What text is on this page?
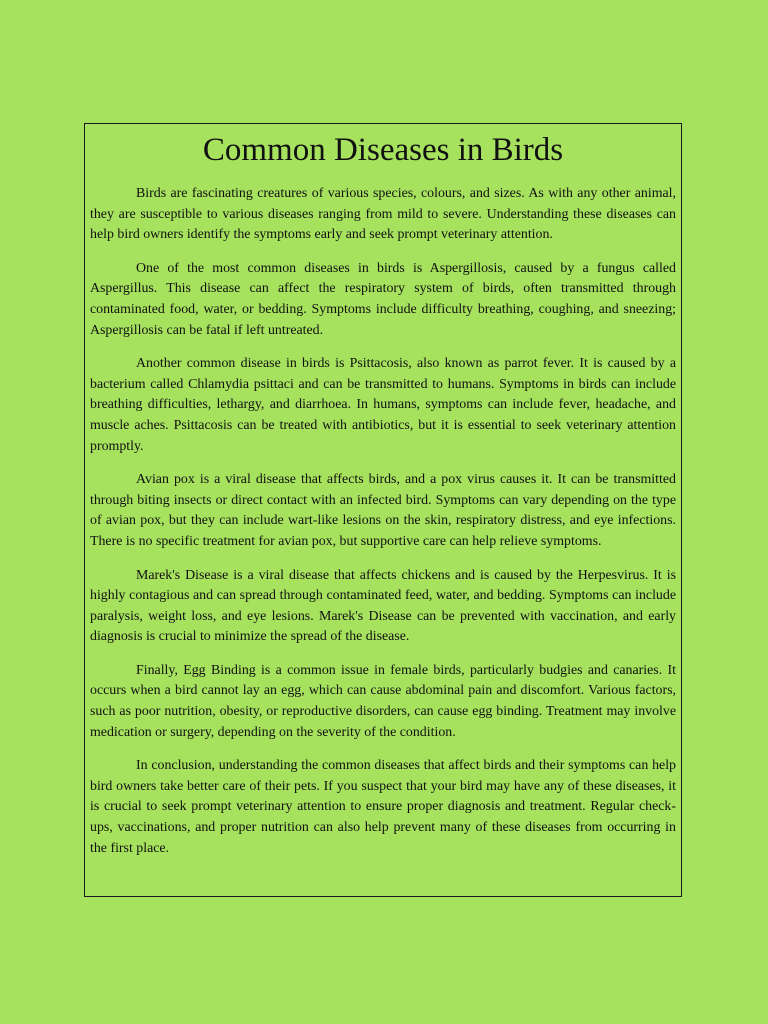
Common Diseases in Birds

Birds are fascinating creatures of various species, colours, and sizes. As with any other animal, they are susceptible to various diseases ranging from mild to severe. Understanding these diseases can help bird owners identify the symptoms early and seek prompt veterinary attention.

One of the most common diseases in birds is Aspergillosis, caused by a fungus called Aspergillus. This disease can affect the respiratory system of birds, often transmitted through contaminated food, water, or bedding. Symptoms include difficulty breathing, coughing, and sneezing; Aspergillosis can be fatal if left untreated.

Another common disease in birds is Psittacosis, also known as parrot fever. It is caused by a bacterium called Chlamydia psittaci and can be transmitted to humans. Symptoms in birds can include breathing difficulties, lethargy, and diarrhoea. In humans, symptoms can include fever, headache, and muscle aches. Psittacosis can be treated with antibiotics, but it is essential to seek veterinary attention promptly.

Avian pox is a viral disease that affects birds, and a pox virus causes it. It can be transmitted through biting insects or direct contact with an infected bird. Symptoms can vary depending on the type of avian pox, but they can include wart-like lesions on the skin, respiratory distress, and eye infections. There is no specific treatment for avian pox, but supportive care can help relieve symptoms.

Marek's Disease is a viral disease that affects chickens and is caused by the Herpesvirus. It is highly contagious and can spread through contaminated feed, water, and bedding. Symptoms can include paralysis, weight loss, and eye lesions. Marek's Disease can be prevented with vaccination, and early diagnosis is crucial to minimize the spread of the disease.

Finally, Egg Binding is a common issue in female birds, particularly budgies and canaries. It occurs when a bird cannot lay an egg, which can cause abdominal pain and discomfort. Various factors, such as poor nutrition, obesity, or reproductive disorders, can cause egg binding. Treatment may involve medication or surgery, depending on the severity of the condition.

In conclusion, understanding the common diseases that affect birds and their symptoms can help bird owners take better care of their pets. If you suspect that your bird may have any of these diseases, it is crucial to seek prompt veterinary attention to ensure proper diagnosis and treatment. Regular check-ups, vaccinations, and proper nutrition can also help prevent many of these diseases from occurring in the first place.
